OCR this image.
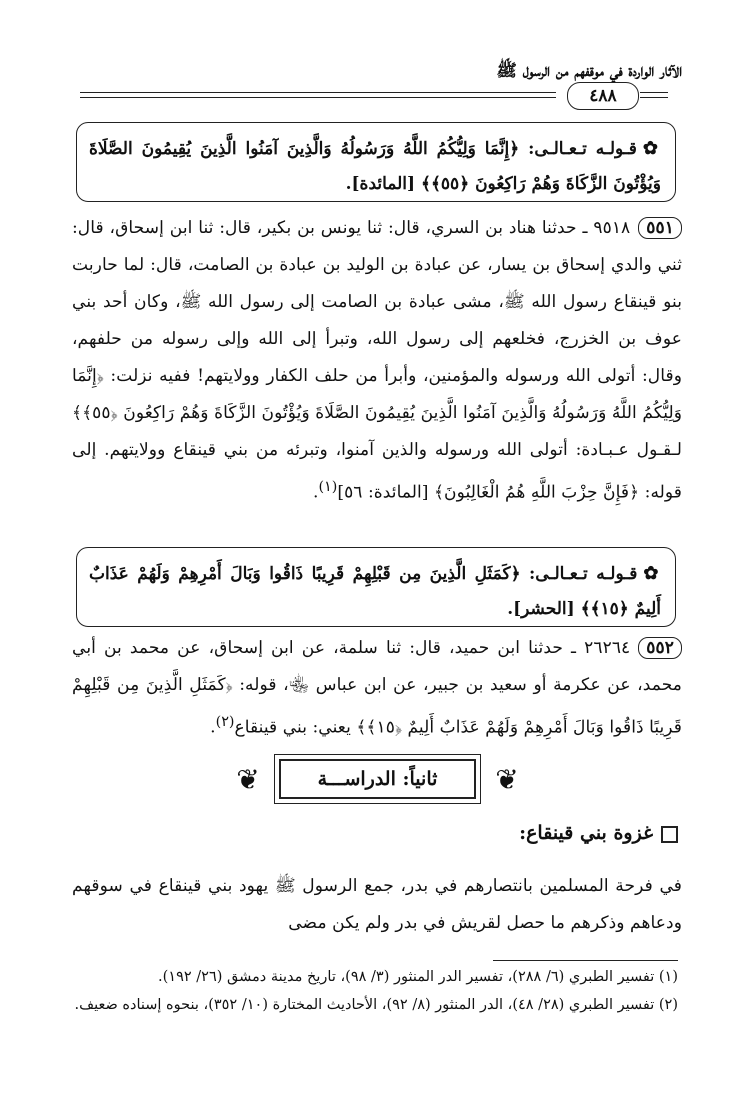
الآثار الواردة في موقفهم من الرسول ﷺ
٤٨٨
✿قـولـه تـعـالـى: ﴿إِنَّمَا وَلِيُّكُمُ اللَّهُ وَرَسُولُهُ وَالَّذِينَ آمَنُوا الَّذِينَ يُقِيمُونَ الصَّلَاةَ وَيُؤْتُونَ الزَّكَاةَ وَهُمْ رَاكِعُونَ ﴿٥٥﴾﴾ [المائدة].
٥٥١٩٥١٨ ـ حدثنا هناد بن السري، قال: ثنا يونس بن بكير، قال: ثنا ابن إسحاق، قال: ثني والدي إسحاق بن يسار، عن عبادة بن الوليد بن عبادة بن الصامت، قال: لما حاربت بنو قينقاع رسول الله ﷺ، مشى عبادة بن الصامت إلى رسول الله ﷺ، وكان أحد بني عوف بن الخزرج، فخلعهم إلى رسول الله، وتبرأ إلى الله وإلى رسوله من حلفهم، وقال: أتولى الله ورسوله والمؤمنين، وأبرأ من حلف الكفار وولايتهم! ففيه نزلت: ﴿إِنَّمَا وَلِيُّكُمُ اللَّهُ وَرَسُولُهُ وَالَّذِينَ آمَنُوا الَّذِينَ يُقِيمُونَ الصَّلَاةَ وَيُؤْتُونَ الزَّكَاةَ وَهُمْ رَاكِعُونَ ﴿٥٥﴾﴾ لـقـول عـبـادة: أتولى الله ورسوله والذين آمنوا، وتبرئه من بني قينقاع وولايتهم. إلى قوله: ﴿فَإِنَّ حِزْبَ اللَّهِ هُمُ الْغَالِبُونَ﴾ [المائدة: ٥٦]$^{(١)}$.
✿قـولـه تـعـالـى: ﴿كَمَثَلِ الَّذِينَ مِن قَبْلِهِمْ قَرِيبًا ذَاقُوا وَبَالَ أَمْرِهِمْ وَلَهُمْ عَذَابٌ أَلِيمٌ ﴿١٥﴾﴾ [الحشر].
٥٥٢٢٦٢٦٤ ـ حدثنا ابن حميد، قال: ثنا سلمة، عن ابن إسحاق، عن محمد بن أبي محمد، عن عكرمة أو سعيد بن جبير، عن ابن عباس ﵄، قوله: ﴿كَمَثَلِ الَّذِينَ مِن قَبْلِهِمْ قَرِيبًا ذَاقُوا وَبَالَ أَمْرِهِمْ وَلَهُمْ عَذَابٌ أَلِيمٌ ﴿١٥﴾﴾ يعني: بني قينقاع$^{(٢)}$.
❦
ثانياً: الدراســـة
❦
غزوة بني قينقاع:
في فرحة المسلمين بانتصارهم في بدر، جمع الرسول ﷺ يهود بني قينقاع في سوقهم ودعاهم وذكرهم ما حصل لقريش في بدر ولم يكن مضى
(١) تفسير الطبري (٦/ ٢٨٨)، تفسير الدر المنثور (٣/ ٩٨)، تاريخ مدينة دمشق (٢٦/ ١٩٢).
(٢) تفسير الطبري (٢٨/ ٤٨)، الدر المنثور (٨/ ٩٢)، الأحاديث المختارة (١٠/ ٣٥٢)، بنحوه إسناده ضعيف.
